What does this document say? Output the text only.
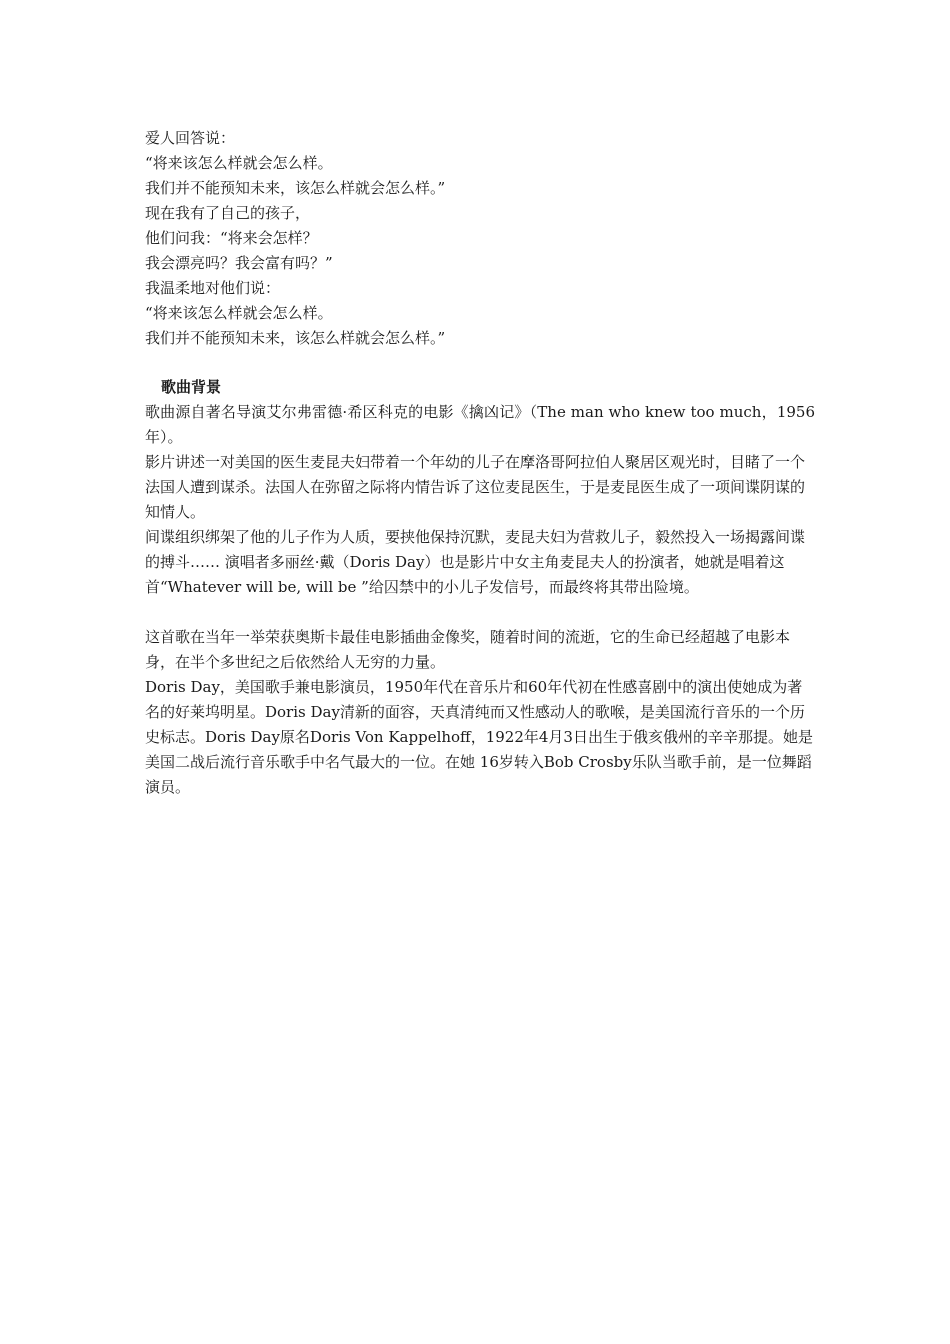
爱人回答说：
“将来该怎么样就会怎么样。
我们并不能预知未来，该怎么样就会怎么样。”
现在我有了自己的孩子，
他们问我：“将来会怎样？
我会漂亮吗？我会富有吗？”
我温柔地对他们说：
“将来该怎么样就会怎么样。
我们并不能预知未来，该怎么样就会怎么样。”
歌曲背景
歌曲源自著名导演艾尔弗雷德·希区科克的电影《擒凶记》（The man who knew too much，1956年）。
影片讲述一对美国的医生麦昆夫妇带着一个年幼的儿子在摩洛哥阿拉伯人聚居区观光时，目睹了一个法国人遭到谋杀。法国人在弥留之际将内情告诉了这位麦昆医生，于是麦昆医生成了一项间谍阴谋的知情人。
间谍组织绑架了他的儿子作为人质，要挟他保持沉默，麦昆夫妇为营救儿子，毅然投入一场揭露间谍的搏斗…… 演唱者多丽丝·戴（Doris Day）也是影片中女主角麦昆夫人的扮演者，她就是唱着这首“Whatever will be, will be ”给囚禁中的小儿子发信号，而最终将其带出险境。
这首歌在当年一举荣获奥斯卡最佳电影插曲金像奖，随着时间的流逝，它的生命已经超越了电影本身，在半个多世纪之后依然给人无穷的力量。
Doris Day，美国歌手兼电影演员，1950年代在音乐片和60年代初在性感喜剧中的演出使她成为著名的好莱坞明星。Doris Day清新的面容，天真清纯而又性感动人的歌喉，是美国流行音乐的一个历史标志。Doris Day原名Doris Von Kappelhoff，1922年4月3日出生于俄亥俄州的辛辛那提。她是美国二战后流行音乐歌手中名气最大的一位。在她 16岁转入Bob Crosby乐队当歌手前，是一位舞蹈演员。
